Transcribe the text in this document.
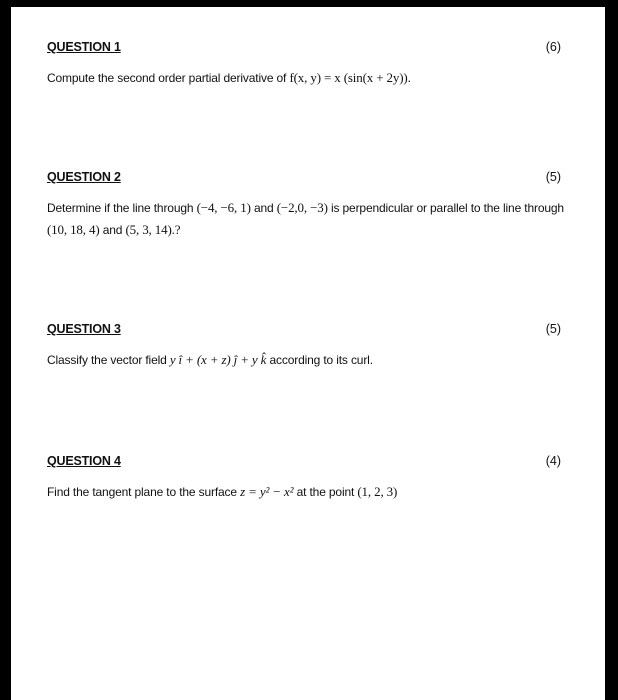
QUESTION 1	(6)
Compute the second order partial derivative of f(x, y) = x (sin(x + 2y)).
QUESTION 2	(5)
Determine if the line through (−4, −6, 1) and (−2,0, −3) is perpendicular or parallel to the line through
(10, 18, 4) and (5, 3, 14).?
QUESTION 3	(5)
Classify the vector field y î + (x + z) ĵ + y k̂ according to its curl.
QUESTION 4	(4)
Find the tangent plane to the surface z = y² − x² at the point (1, 2, 3)
